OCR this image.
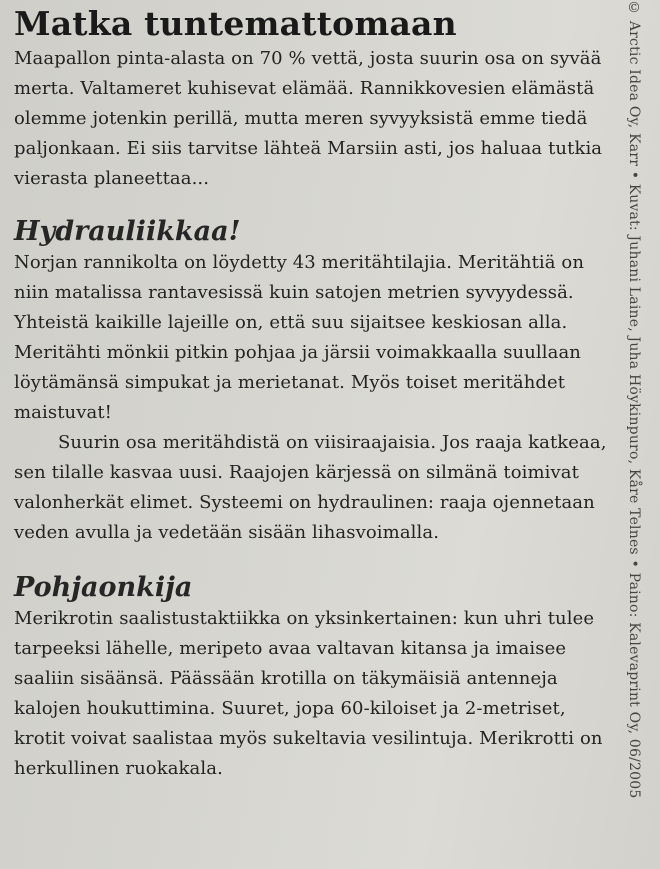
Matka tuntemattomaan

Maapallon pinta-alasta on 70 % vettä, josta suurin osa on syvää merta. Valtameret kuhisevat elämää. Rannikkovesien elämästä olemme jotenkin perillä, mutta meren syvyyksistä emme tiedä paljonkaan. Ei siis tarvitse lähteä Marsiin asti, jos haluaa tutkia vierasta planeettaa...

Hydrauliikkaa!

Norjan rannikolta on löydetty 43 meritähtilajia. Meritähtiä on niin matalissa rantavesissä kuin satojen metrien syvyydessä. Yhteistä kaikille lajeille on, että suu sijaitsee keskiosan alla. Meritähti mönkii pitkin pohjaa ja järsii voimakkaalla suullaan löytämänsä simpukat ja merietanat. Myös toiset meritähdet maistuvat!

Suurin osa meritähdistä on viisiraajaisia. Jos raaja katkeaa, sen tilalle kasvaa uusi. Raajojen kärjessä on silmänä toimivat valonherkät elimet. Systeemi on hydraulinen: raaja ojennetaan veden avulla ja vedetään sisään lihasvoimalla.

Pohjaonkija

Merikrotin saalistustaktiikka on yksinkertainen: kun uhri tulee tarpeeksi lähelle, meripeto avaa valtavan kitansa ja imaisee saaliin sisäänsä. Päässään krotilla on täkymäisiä antenneja kalojen houkuttimina. Suuret, jopa 60-kiloiset ja 2-metriset, krotit voivat saalistaa myös sukeltavia vesilintuja. Merikrotti on herkullinen ruokakala.	© Arctic Idea Oy, Karr • Kuvat: Juhani Laine, Juha Höykinpuro, Kåre Telnes • Paino: Kalevaprint Oy, 06/2005
